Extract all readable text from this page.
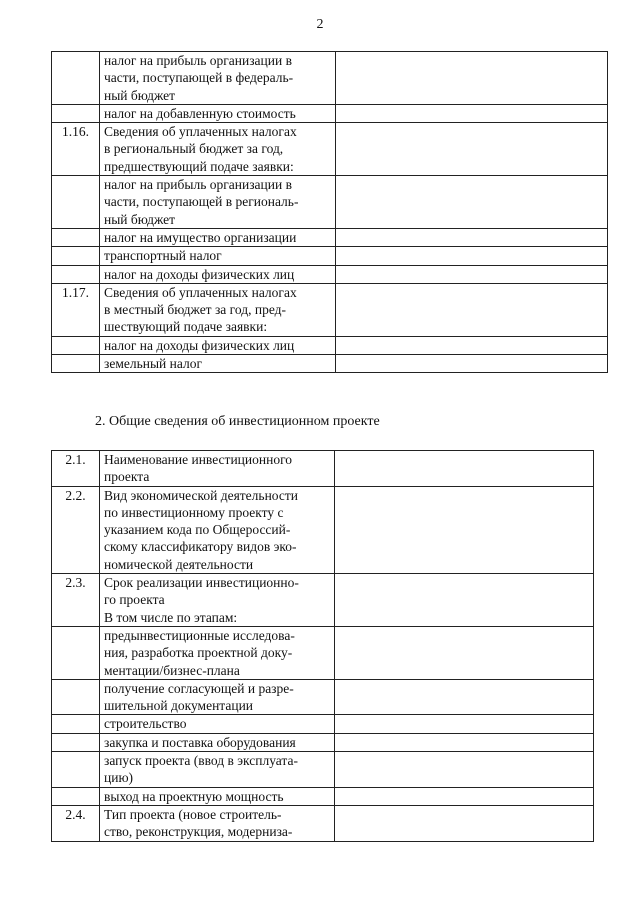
2
	налог на прибыль организации в
части, поступающей в федераль-
ный бюджет	
	налог на добавленную стоимость	
1.16.	Сведения об уплаченных налогах
в региональный бюджет за год,
предшествующий подаче заявки:	
	налог на прибыль организации в
части, поступающей в региональ-
ный бюджет	
	налог на имущество организации	
	транспортный налог	
	налог на доходы физических лиц	
1.17.	Сведения об уплаченных налогах
в местный бюджет за год, пред-
шествующий подаче заявки:	
	налог на доходы физических лиц	
	земельный налог	
2. Общие сведения об инвестиционном проекте
2.1.	Наименование инвестиционного
проекта	
2.2.	Вид экономической деятельности
по инвестиционному проекту с
указанием кода по Общероссий-
скому классификатору видов эко-
номической деятельности	
2.3.	Срок реализации инвестиционно-
го проекта
В том числе по этапам:	
	предынвестиционные исследова-
ния, разработка проектной доку-
ментации/бизнес-плана	
	получение согласующей и разре-
шительной документации	
	строительство	
	закупка и поставка оборудования	
	запуск проекта (ввод в эксплуата-
цию)	
	выход на проектную мощность	
2.4.	Тип проекта (новое строитель-
ство, реконструкция, модерниза-	
